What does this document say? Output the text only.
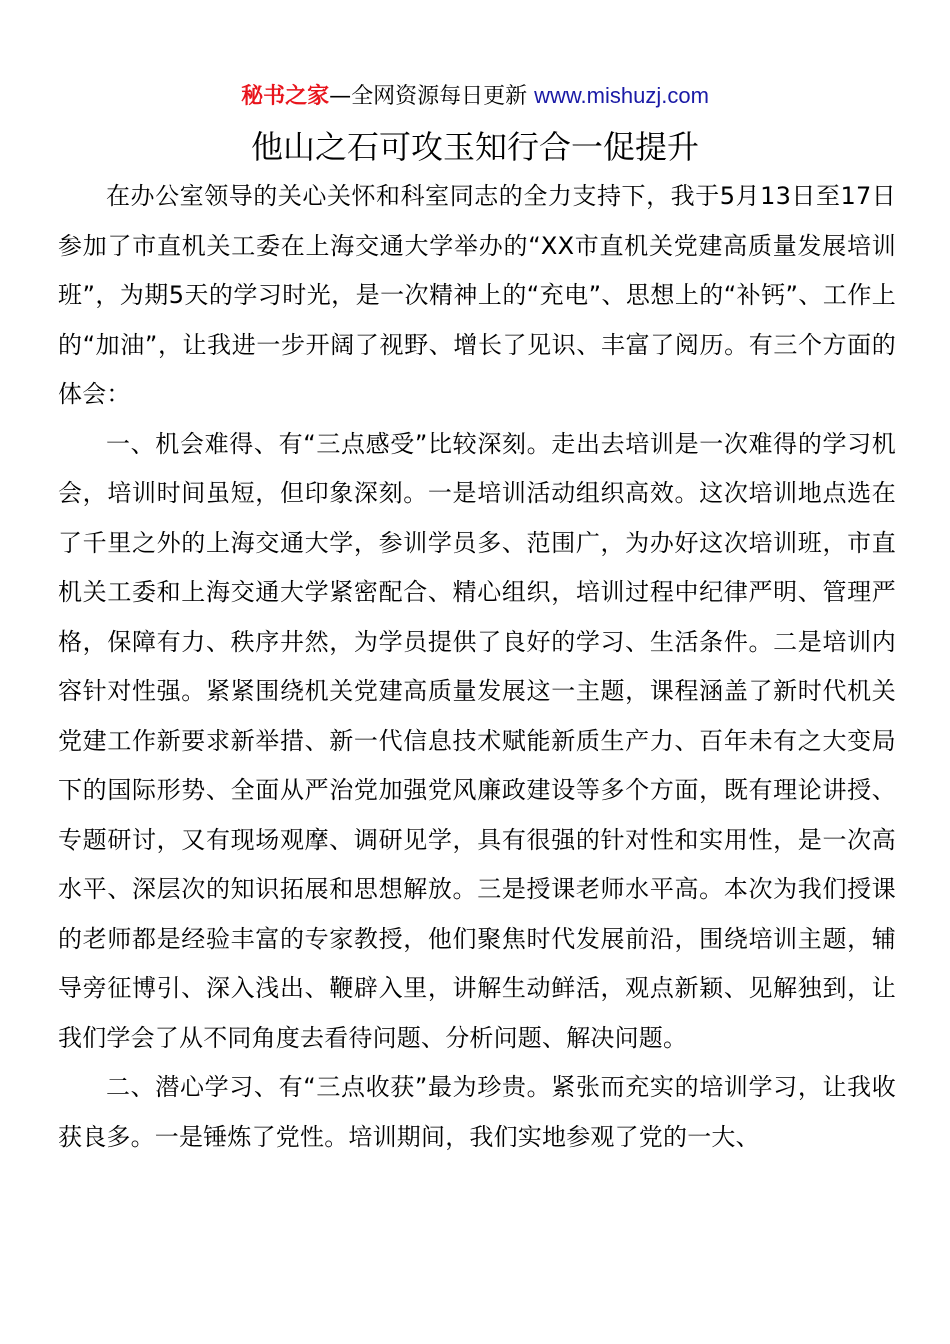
秘书之家—全网资源每日更新 www.mishuzj.com
他山之石可攻玉知行合一促提升

在办公室领导的关心关怀和科室同志的全力支持下，我于5月13日至17日参加了市直机关工委在上海交通大学举办的“XX市直机关党建高质量发展培训班”，为期5天的学习时光，是一次精神上的“充电”、思想上的“补钙”、工作上的“加油”，让我进一步开阔了视野、增长了见识、丰富了阅历。有三个方面的体会：

一、机会难得、有“三点感受”比较深刻。走出去培训是一次难得的学习机会，培训时间虽短，但印象深刻。一是培训活动组织高效。这次培训地点选在了千里之外的上海交通大学，参训学员多、范围广，为办好这次培训班，市直机关工委和上海交通大学紧密配合、精心组织，培训过程中纪律严明、管理严格，保障有力、秩序井然，为学员提供了良好的学习、生活条件。二是培训内容针对性强。紧紧围绕机关党建高质量发展这一主题，课程涵盖了新时代机关党建工作新要求新举措、新一代信息技术赋能新质生产力、百年未有之大变局下的国际形势、全面从严治党加强党风廉政建设等多个方面，既有理论讲授、专题研讨，又有现场观摩、调研见学，具有很强的针对性和实用性，是一次高水平、深层次的知识拓展和思想解放。三是授课老师水平高。本次为我们授课的老师都是经验丰富的专家教授，他们聚焦时代发展前沿，围绕培训主题，辅导旁征博引、深入浅出、鞭辟入里，讲解生动鲜活，观点新颖、见解独到，让我们学会了从不同角度去看待问题、分析问题、解决问题。

二、潜心学习、有“三点收获”最为珍贵。紧张而充实的培训学习，让我收获良多。一是锤炼了党性。培训期间，我们实地参观了党的一大、
